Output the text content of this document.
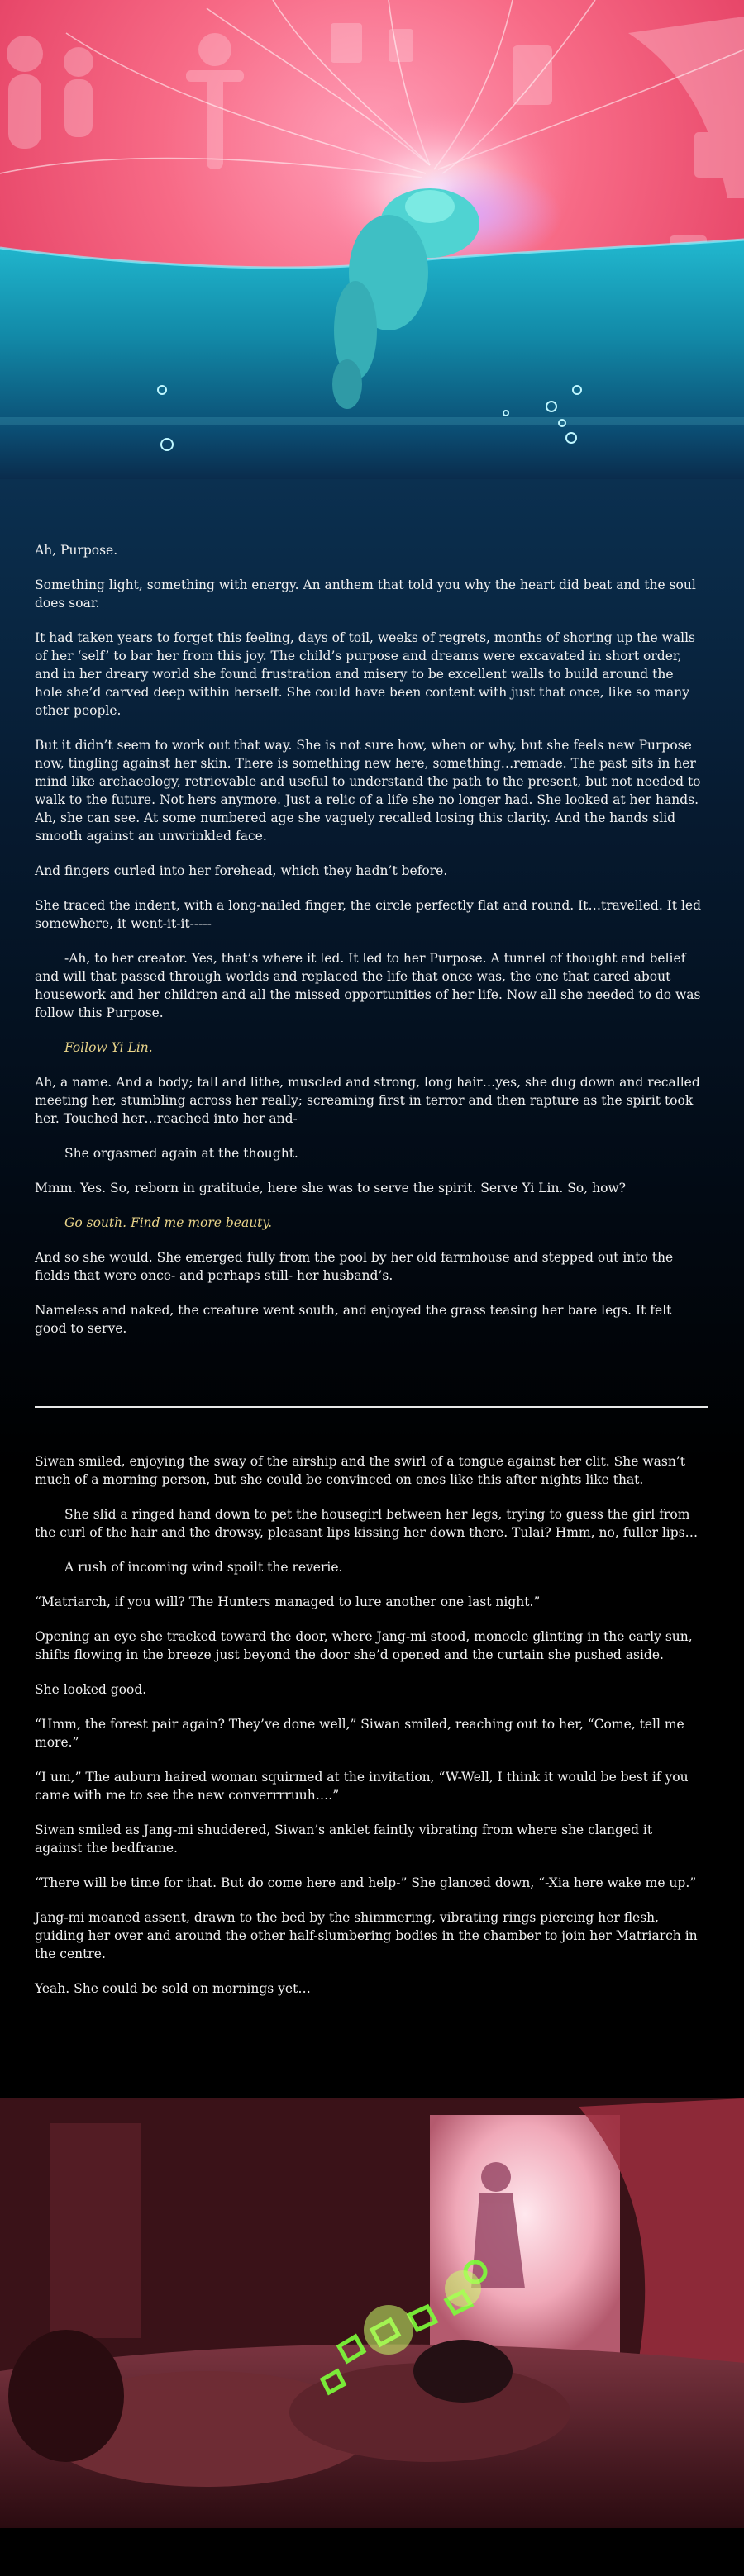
Ah, Purpose.

Something light, something with energy. An anthem that told you why the heart did beat and the soul does soar.

It had taken years to forget this feeling, days of toil, weeks of regrets, months of shoring up the walls of her ‘self’ to bar her from this joy. The child’s purpose and dreams were excavated in short order, and in her dreary world she found frustration and misery to be excellent walls to build around the hole she’d carved deep within herself. She could have been content with just that once, like so many other people.

But it didn’t seem to work out that way. She is not sure how, when or why, but she feels new Purpose now, tingling against her skin. There is something new here, something…remade. The past sits in her mind like archaeology, retrievable and useful to understand the path to the present, but not needed to walk to the future. Not hers anymore. Just a relic of a life she no longer had. She looked at her hands. Ah, she can see. At some numbered age she vaguely recalled losing this clarity. And the hands slid smooth against an unwrinkled face.

And fingers curled into her forehead, which they hadn’t before.

She traced the indent, with a long-nailed finger, the circle perfectly flat and round. It…travelled. It led somewhere, it went-it-it-----

-Ah, to her creator. Yes, that’s where it led. It led to her Purpose. A tunnel of thought and belief and will that passed through worlds and replaced the life that once was, the one that cared about housework and her children and all the missed opportunities of her life. Now all she needed to do was follow this Purpose.

Follow Yi Lin.

Ah, a name. And a body; tall and lithe, muscled and strong, long hair…yes, she dug down and recalled meeting her, stumbling across her really; screaming first in terror and then rapture as the spirit took her. Touched her…reached into her and-

She orgasmed again at the thought.

Mmm. Yes. So, reborn in gratitude, here she was to serve the spirit. Serve Yi Lin. So, how?

Go south. Find me more beauty.

And so she would. She emerged fully from the pool by her old farmhouse and stepped out into the fields that were once- and perhaps still- her husband’s.

Nameless and naked, the creature went south, and enjoyed the grass teasing her bare legs. It felt good to serve.

Siwan smiled, enjoying the sway of the airship and the swirl of a tongue against her clit. She wasn’t much of a morning person, but she could be convinced on ones like this after nights like that.

She slid a ringed hand down to pet the housegirl between her legs, trying to guess the girl from the curl of the hair and the drowsy, pleasant lips kissing her down there. Tulai? Hmm, no, fuller lips…

A rush of incoming wind spoilt the reverie.

“Matriarch, if you will? The Hunters managed to lure another one last night.”

Opening an eye she tracked toward the door, where Jang-mi stood, monocle glinting in the early sun, shifts flowing in the breeze just beyond the door she’d opened and the curtain she pushed aside.

She looked good.

“Hmm, the forest pair again? They’ve done well,” Siwan smiled, reaching out to her, “Come, tell me more.”

“I um,” The auburn haired woman squirmed at the invitation, “W-Well, I think it would be best if you came with me to see the new converrrruuh….”

Siwan smiled as Jang-mi shuddered, Siwan’s anklet faintly vibrating from where she clanged it against the bedframe.

“There will be time for that. But do come here and help-” She glanced down, “-Xia here wake me up.”

Jang-mi moaned assent, drawn to the bed by the shimmering, vibrating rings piercing her flesh, guiding her over and around the other half-slumbering bodies in the chamber to join her Matriarch in the centre.

Yeah. She could be sold on mornings yet…
